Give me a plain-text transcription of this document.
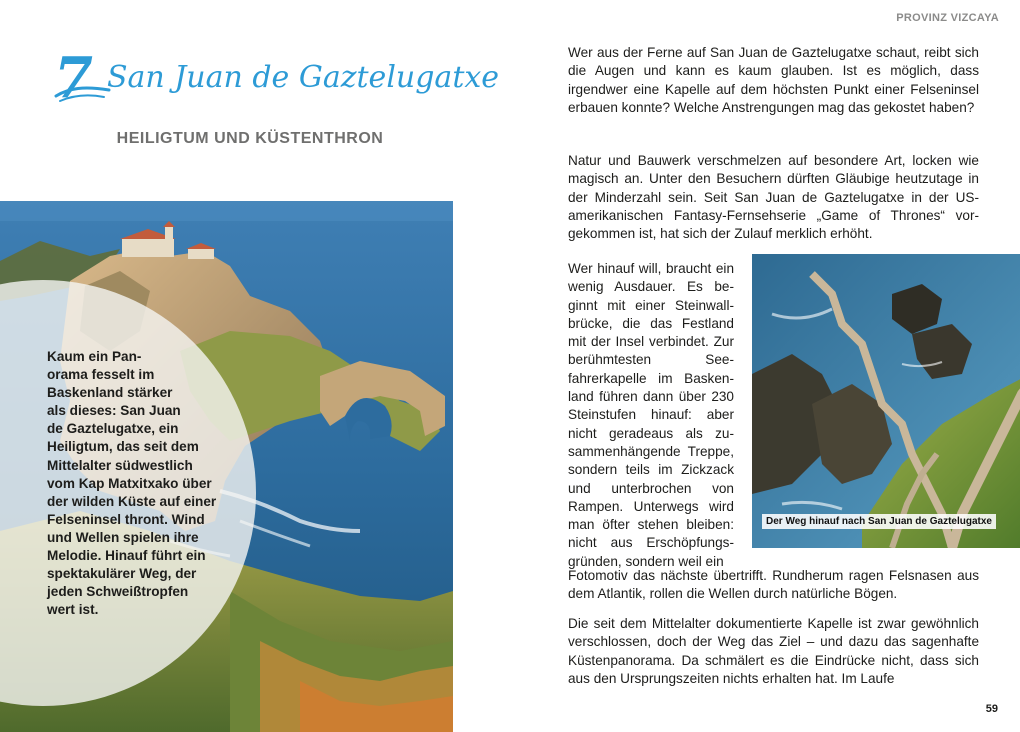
7 San Juan de Gaztelugatxe
HEILIGTUM UND KÜSTENTHRON
Kaum ein Pan-
orama fesselt im
Baskenland stärker
als dieses: San Juan
de Gaztelugatxe, ein
Heiligtum, das seit dem
Mittelalter südwestlich
vom Kap Matxitxako über
der wilden Küste auf einer
Felseninsel thront. Wind
und Wellen spielen ihre
Melodie. Hinauf führt ein
spektakulärer Weg, der
jeden Schweißtropfen
wert ist.
PROVINZ VIZCAYA

Wer aus der Ferne auf San Juan de Gaztelugatxe schaut, reibt sich die Augen und kann es kaum glauben. Ist es möglich, dass irgendwer eine Kapelle auf dem höchsten Punkt einer Felseninsel erbauen konnte? Welche Anstrengungen mag das gekostet haben?

Natur und Bauwerk verschmelzen auf besondere Art, locken wie magisch an. Unter den Besuchern dürften Gläubige heutzutage in der Minderzahl sein. Seit San Juan de Gaztelugatxe in der US-amerikanischen Fantasy-Fernsehserie „Game of Thrones“ vorgekommen ist, hat sich der Zulauf merklich erhöht.

Wer hinauf will, braucht ein wenig Ausdauer. Es beginnt mit einer Steinwallbrücke, die das Festland mit der Insel verbindet. Zur berühmtesten Seefahrerkapelle im Baskenland führen dann über 230 Steinstufen hinauf: aber nicht geradeaus als zusammenhängende Treppe, sondern teils im Zickzack und unterbrochen von Rampen. Unterwegs wird man öfter stehen bleiben: nicht aus Erschöpfungsgründen, sondern weil ein

Fotomotiv das nächste übertrifft. Rundherum ragen Felsnasen aus dem Atlantik, rollen die Wellen durch natürliche Bögen.

Die seit dem Mittelalter dokumentierte Kapelle ist zwar gewöhnlich verschlossen, doch der Weg das Ziel – und dazu das sagenhafte Küstenpanorama. Da schmälert es die Eindrücke nicht, dass sich aus den Ursprungszeiten nichts erhalten hat. Im Laufe

Der Weg hinauf nach San Juan de Gaztelugatxe
59
